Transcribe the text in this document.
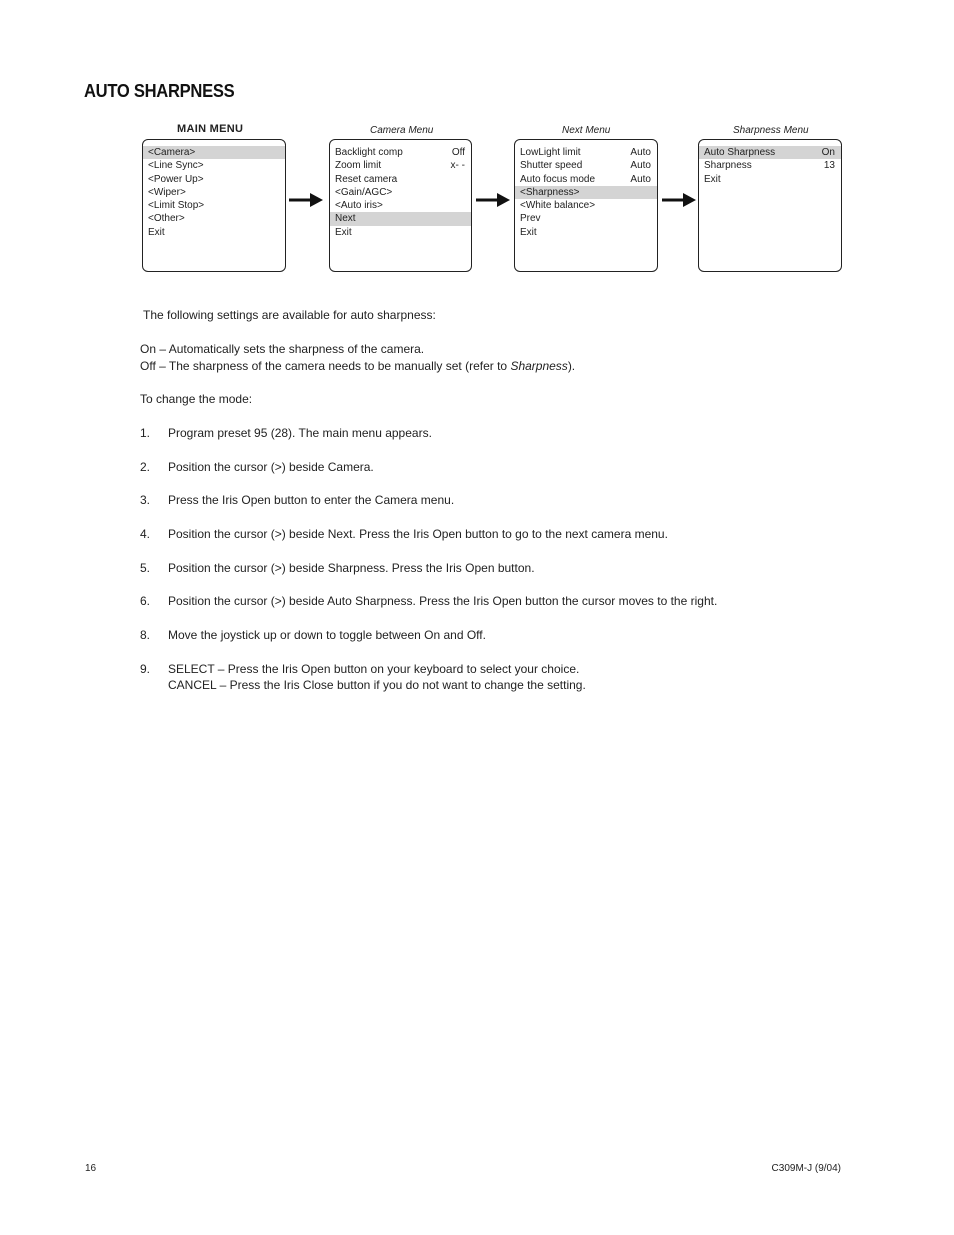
AUTO SHARPNESS
MAIN MENU	Camera Menu	Next Menu	Sharpness Menu
<Camera>
<Line Sync>
<Power Up>
<Wiper>
<Limit Stop>
<Other>
Exit
Backlight comp	Off
Zoom limit	x- -
Reset camera
<Gain/AGC>
<Auto iris>
Next
Exit
LowLight limit	Auto
Shutter speed	Auto
Auto focus mode	Auto
<Sharpness>
<White balance>
Prev
Exit
Auto Sharpness	On
Sharpness	13
Exit
The following settings are available for auto sharpness:
On – Automatically sets the sharpness of the camera.
Off – The sharpness of the camera needs to be manually set (refer to Sharpness).
To change the mode:
1. Program preset 95 (28). The main menu appears.
2. Position the cursor (>) beside Camera.
3. Press the Iris Open button to enter the Camera menu.
4. Position the cursor (>) beside Next. Press the Iris Open button to go to the next camera menu.
5. Position the cursor (>) beside Sharpness. Press the Iris Open button.
6. Position the cursor (>) beside Auto Sharpness. Press the Iris Open button the cursor moves to the right.
8. Move the joystick up or down to toggle between On and Off.
9. SELECT – Press the Iris Open button on your keyboard to select your choice.
CANCEL – Press the Iris Close button if you do not want to change the setting.
16	C309M-J (9/04)
